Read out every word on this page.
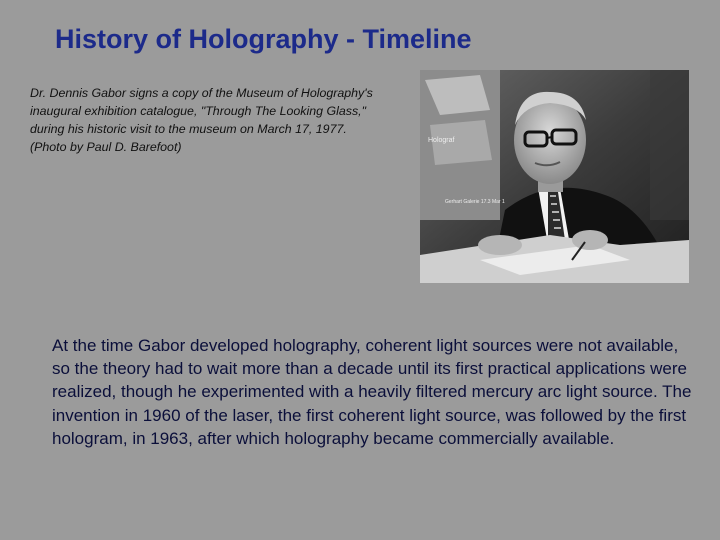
History of Holography - Timeline

Dr. Dennis Gabor signs a copy of the Museum of Holography's inaugural exhibition catalogue, "Through The Looking Glass," during his historic visit to the museum on March 17, 1977. (Photo by Paul D. Barefoot)	Holograf
Gerhart Galerie 17.3 Mar 1

At the time Gabor developed holography, coherent light sources were not available, so the theory had to wait more than a decade until its first practical applications were realized, though he experimented with a heavily filtered mercury arc light source. The invention in 1960 of the laser, the first coherent light source, was followed by the first hologram, in 1963, after which holography became commercially available.
